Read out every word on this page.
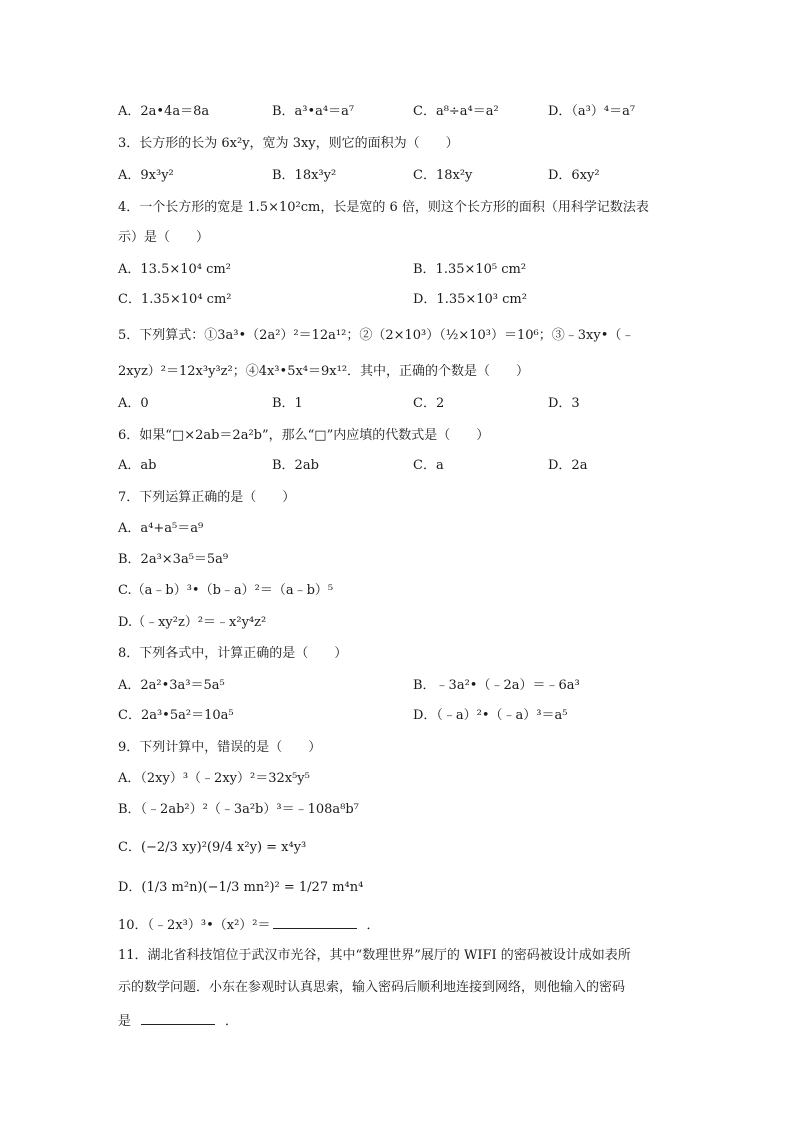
A．2a•4a＝8a	B．a³•a⁴＝a⁷	C．a⁸÷a⁴＝a²	D．（a³）⁴＝a⁷
3．长方形的长为 6x²y，宽为 3xy，则它的面积为（　　）
A．9x³y²	B．18x³y²	C．18x²y	D．6xy²
4．一个长方形的宽是 1.5×10²cm，长是宽的 6 倍，则这个长方形的面积（用科学记数法表
示）是（　　）
A．13.5×10⁴ cm²	B．1.35×10⁵ cm²
C．1.35×10⁴ cm²	D．1.35×10³ cm²
5．下列算式：①3a³•（2a²）²＝12a¹²；②（2×10³）（½×10³）＝10⁶；③﹣3xy•（﹣
2xyz）²＝12x³y³z²；④4x³•5x⁴＝9x¹²．其中，正确的个数是（　　）
A．0	B．1	C．2	D．3
6．如果“□×2ab＝2a²b”，那么“□”内应填的代数式是（　　）
A．ab	B．2ab	C．a	D．2a
7．下列运算正确的是（　　）
A．a⁴+a⁵＝a⁹
B．2a³×3a⁵＝5a⁹
C.（a﹣b）³•（b﹣a）²＝（a﹣b）⁵
D.（﹣xy²z）²＝﹣x²y⁴z²
8．下列各式中，计算正确的是（　　）
A．2a²•3a³＝5a⁵	B．﹣3a²•（﹣2a）＝﹣6a³
C．2a³•5a²＝10a⁵	D．（﹣a）²•（﹣a）³＝a⁵
9．下列计算中，错误的是（　　）
A．（2xy）³（﹣2xy）²＝32x⁵y⁵
B．（﹣2ab²）²（﹣3a²b）³＝﹣108a⁸b⁷
C．(−2/3 xy)²(9/4 x²y) = x⁴y³
D．(1/3 m²n)(−1/3 mn²)² = 1/27 m⁴n⁴
10．（﹣2x³）³•（x²）²＝	．
11．湖北省科技馆位于武汉市光谷，其中“数理世界”展厅的 WIFI 的密码被设计成如表所
示的数学问题．小东在参观时认真思索，输入密码后顺利地连接到网络，则他输入的密码
是	．
